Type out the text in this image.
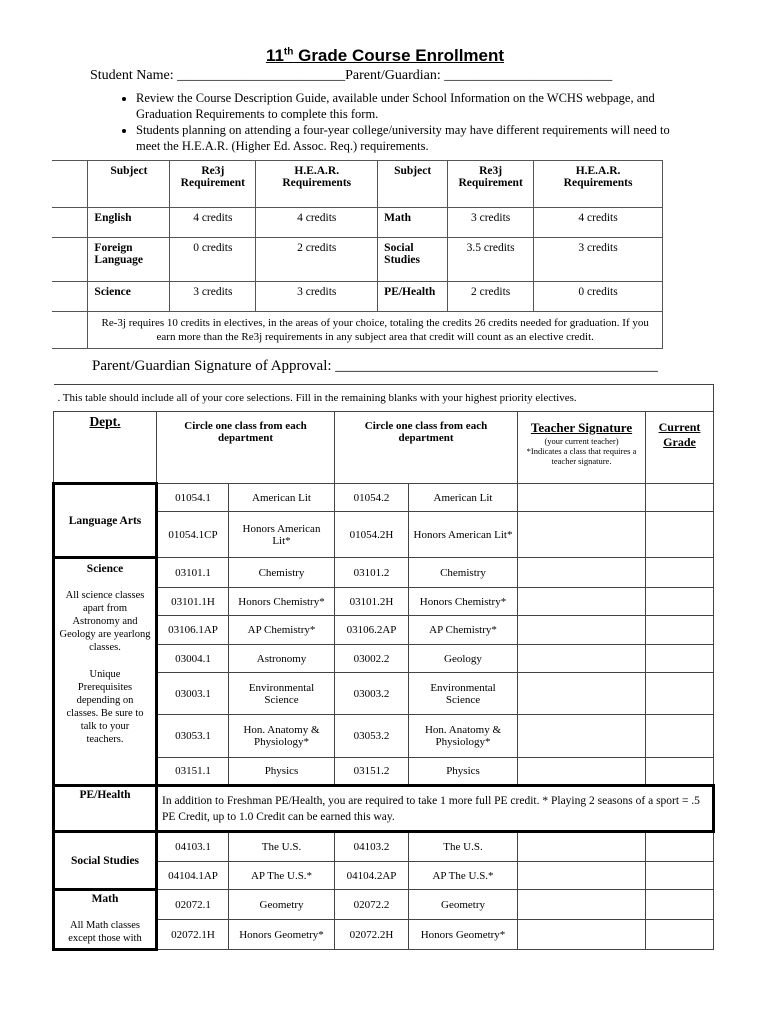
11th Grade Course Enrollment
Student Name: ________________________Parent/Guardian: ________________________
• Review the Course Description Guide, available under School Information on the WCHS webpage, and Graduation Requirements to complete this form.
• Students planning on attending a four-year college/university may have different requirements will need to meet the H.E.A.R. (Higher Ed. Assoc. Req.) requirements.
	Subject	Re3j Requirement	H.E.A.R. Requirements	Subject	Re3j Requirement	H.E.A.R. Requirements
	English	4 credits	4 credits	Math	3 credits	4 credits
	Foreign Language	0 credits	2 credits	Social Studies	3.5 credits	3 credits
	Science	3 credits	3 credits	PE/Health	2 credits	0 credits
	Re-3j requires 10 credits in electives, in the areas of your choice, totaling the credits 26 credits needed for graduation. If you earn more than the Re3j requirements in any subject area that credit will count as an elective credit.					
Parent/Guardian Signature of Approval: ___________________________________________
. This table should include all of your core selections. Fill in the remaining blanks with your highest priority electives.						
Dept.	Circle one class from each department		Circle one class from each department		Teacher Signature
(your current teacher)
*Indicates a class that requires a teacher signature.	Current Grade
Language Arts	01054.1	American Lit	01054.2	American Lit		
	01054.1CP	Honors American Lit*	01054.2H	Honors American Lit*		

Science
All science classes apart from Astronomy and Geology are yearlong classes.
Unique Prerequisites depending on classes. Be sure to talk to your teachers.	03101.1	Chemistry	03101.2	Chemistry		
	03101.1H	Honors Chemistry*	03101.2H	Honors Chemistry*		
	03106.1AP	AP Chemistry*	03106.2AP	AP Chemistry*		
	03004.1	Astronomy	03002.2	Geology		
	03003.1	Environmental Science	03003.2	Environmental Science		
	03053.1	Hon. Anatomy & Physiology*	03053.2	Hon. Anatomy & Physiology*		
	03151.1	Physics	03151.2	Physics		
PE/Health	In addition to Freshman PE/Health, you are required to take 1 more full PE credit. * Playing 2 seasons of a sport = .5 PE Credit, up to 1.0 Credit can be earned this way.					
Social Studies	04103.1	The U.S.	04103.2	The U.S.		
	04104.1AP	AP The U.S.*	04104.2AP	AP The U.S.*		

Math
All Math classes except those with	02072.1	Geometry	02072.2	Geometry		
	02072.1H	Honors Geometry*	02072.2H	Honors Geometry*		
